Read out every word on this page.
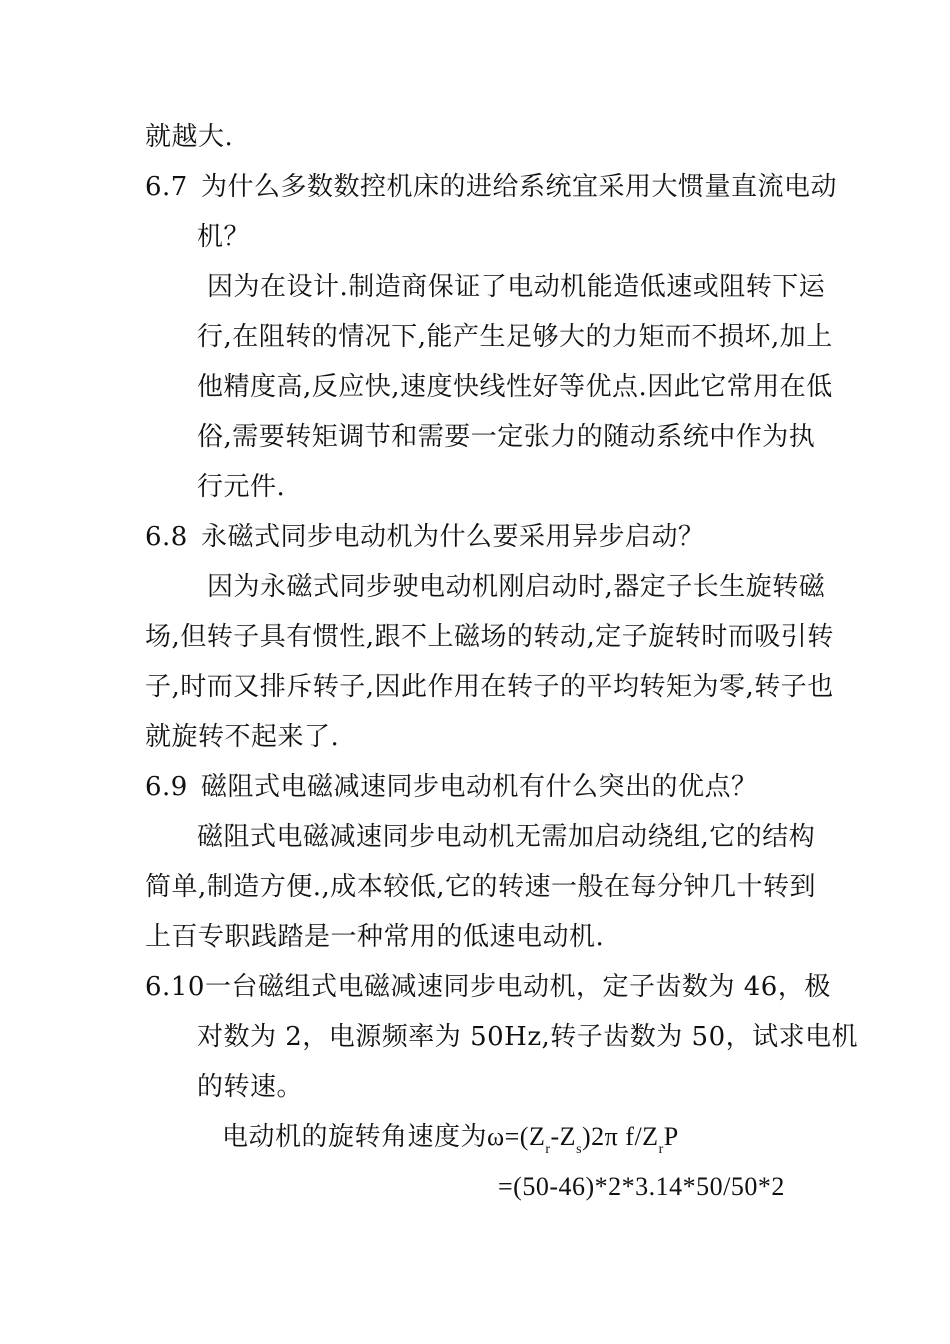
就越大.
6.7 为什么多数数控机床的进给系统宜采用大惯量直流电动
机？
因为在设计.制造商保证了电动机能造低速或阻转下运
行,在阻转的情况下,能产生足够大的力矩而不损坏,加上
他精度高,反应快,速度快线性好等优点.因此它常用在低
俗,需要转矩调节和需要一定张力的随动系统中作为执
行元件.
6.8 永磁式同步电动机为什么要采用异步启动？
因为永磁式同步驶电动机刚启动时,器定子长生旋转磁
场,但转子具有惯性,跟不上磁场的转动,定子旋转时而吸引转
子,时而又排斥转子,因此作用在转子的平均转矩为零,转子也
就旋转不起来了.
6.9 磁阻式电磁减速同步电动机有什么突出的优点？
磁阻式电磁减速同步电动机无需加启动绕组,它的结构
简单,制造方便.,成本较低,它的转速一般在每分钟几十转到
上百专职践踏是一种常用的低速电动机.
6.10一台磁组式电磁减速同步电动机，定子齿数为 46，极
对数为 2，电源频率为 50Hz,转子齿数为 50，试求电机
的转速。
电动机的旋转角速度为$\omega=(Z_r-Z_s)2\pi$ $f/Z_rP$
=(50-46)*2*3.14*50/50*2
